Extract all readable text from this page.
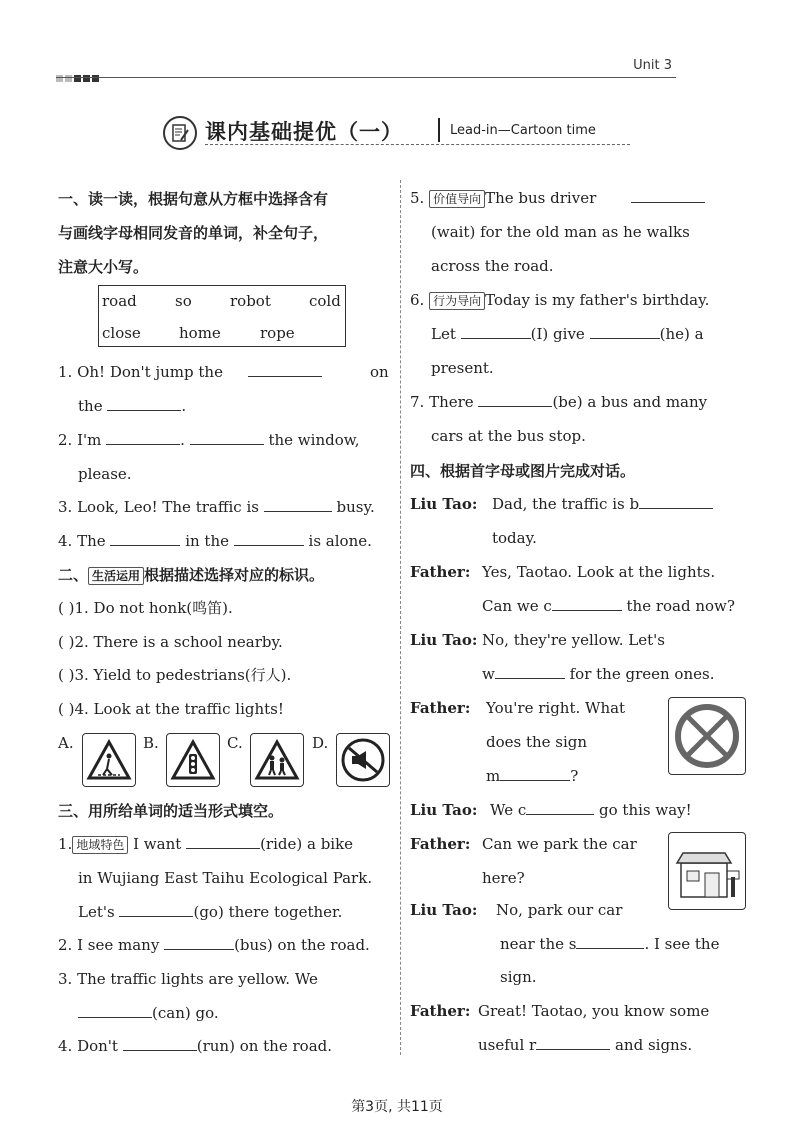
Unit 3
课内基础提优（一）	Lead-in—Cartoon time
一、读一读，根据句意从方框中选择含有
与画线字母相同发音的单词，补全句子，
注意大小写。
road	so	robot	cold
close	home	rope
1. Oh! Don't jump the	on
the	.
2. I'm	.	the window,
please.
3. Look, Leo! The traffic is	busy.
4. The	in the	is alone.
二、 生活运用 根据描述选择对应的标识。
( )1. Do not honk(鸣笛).
( )2. There is a school nearby.
( )3. Yield to pedestrians(行人).
( )4. Look at the traffic lights!
A.	B.	C.	D.
三、用所给单词的适当形式填空。
1. 地域特色 I want	(ride) a bike
in Wujiang East Taihu Ecological Park.
Let's	(go) there together.
2. I see many	(bus) on the road.
3. The traffic lights are yellow. We
(can) go.
4. Don't	(run) on the road.
5. 价值导向 The bus driver
(wait) for the old man as he walks
across the road.
6. 行为导向 Today is my father's birthday.
Let	(I) give	(he) a
present.
7. There	(be) a bus and many
cars at the bus stop.
四、根据首字母或图片完成对话。
Liu Tao: Dad, the traffic is b
today.
Father: Yes, Taotao. Look at the lights.
Can we c	the road now?
Liu Tao: No, they're yellow. Let's
w	for the green ones.
Father: You're right. What
does the sign
m	?
Liu Tao: We c	go this way!
Father: Can we park the car
here?
Liu Tao: No, park our car
near the s	. I see the
sign.
Father: Great! Taotao, you know some
useful r	and signs.
第3页, 共11页
